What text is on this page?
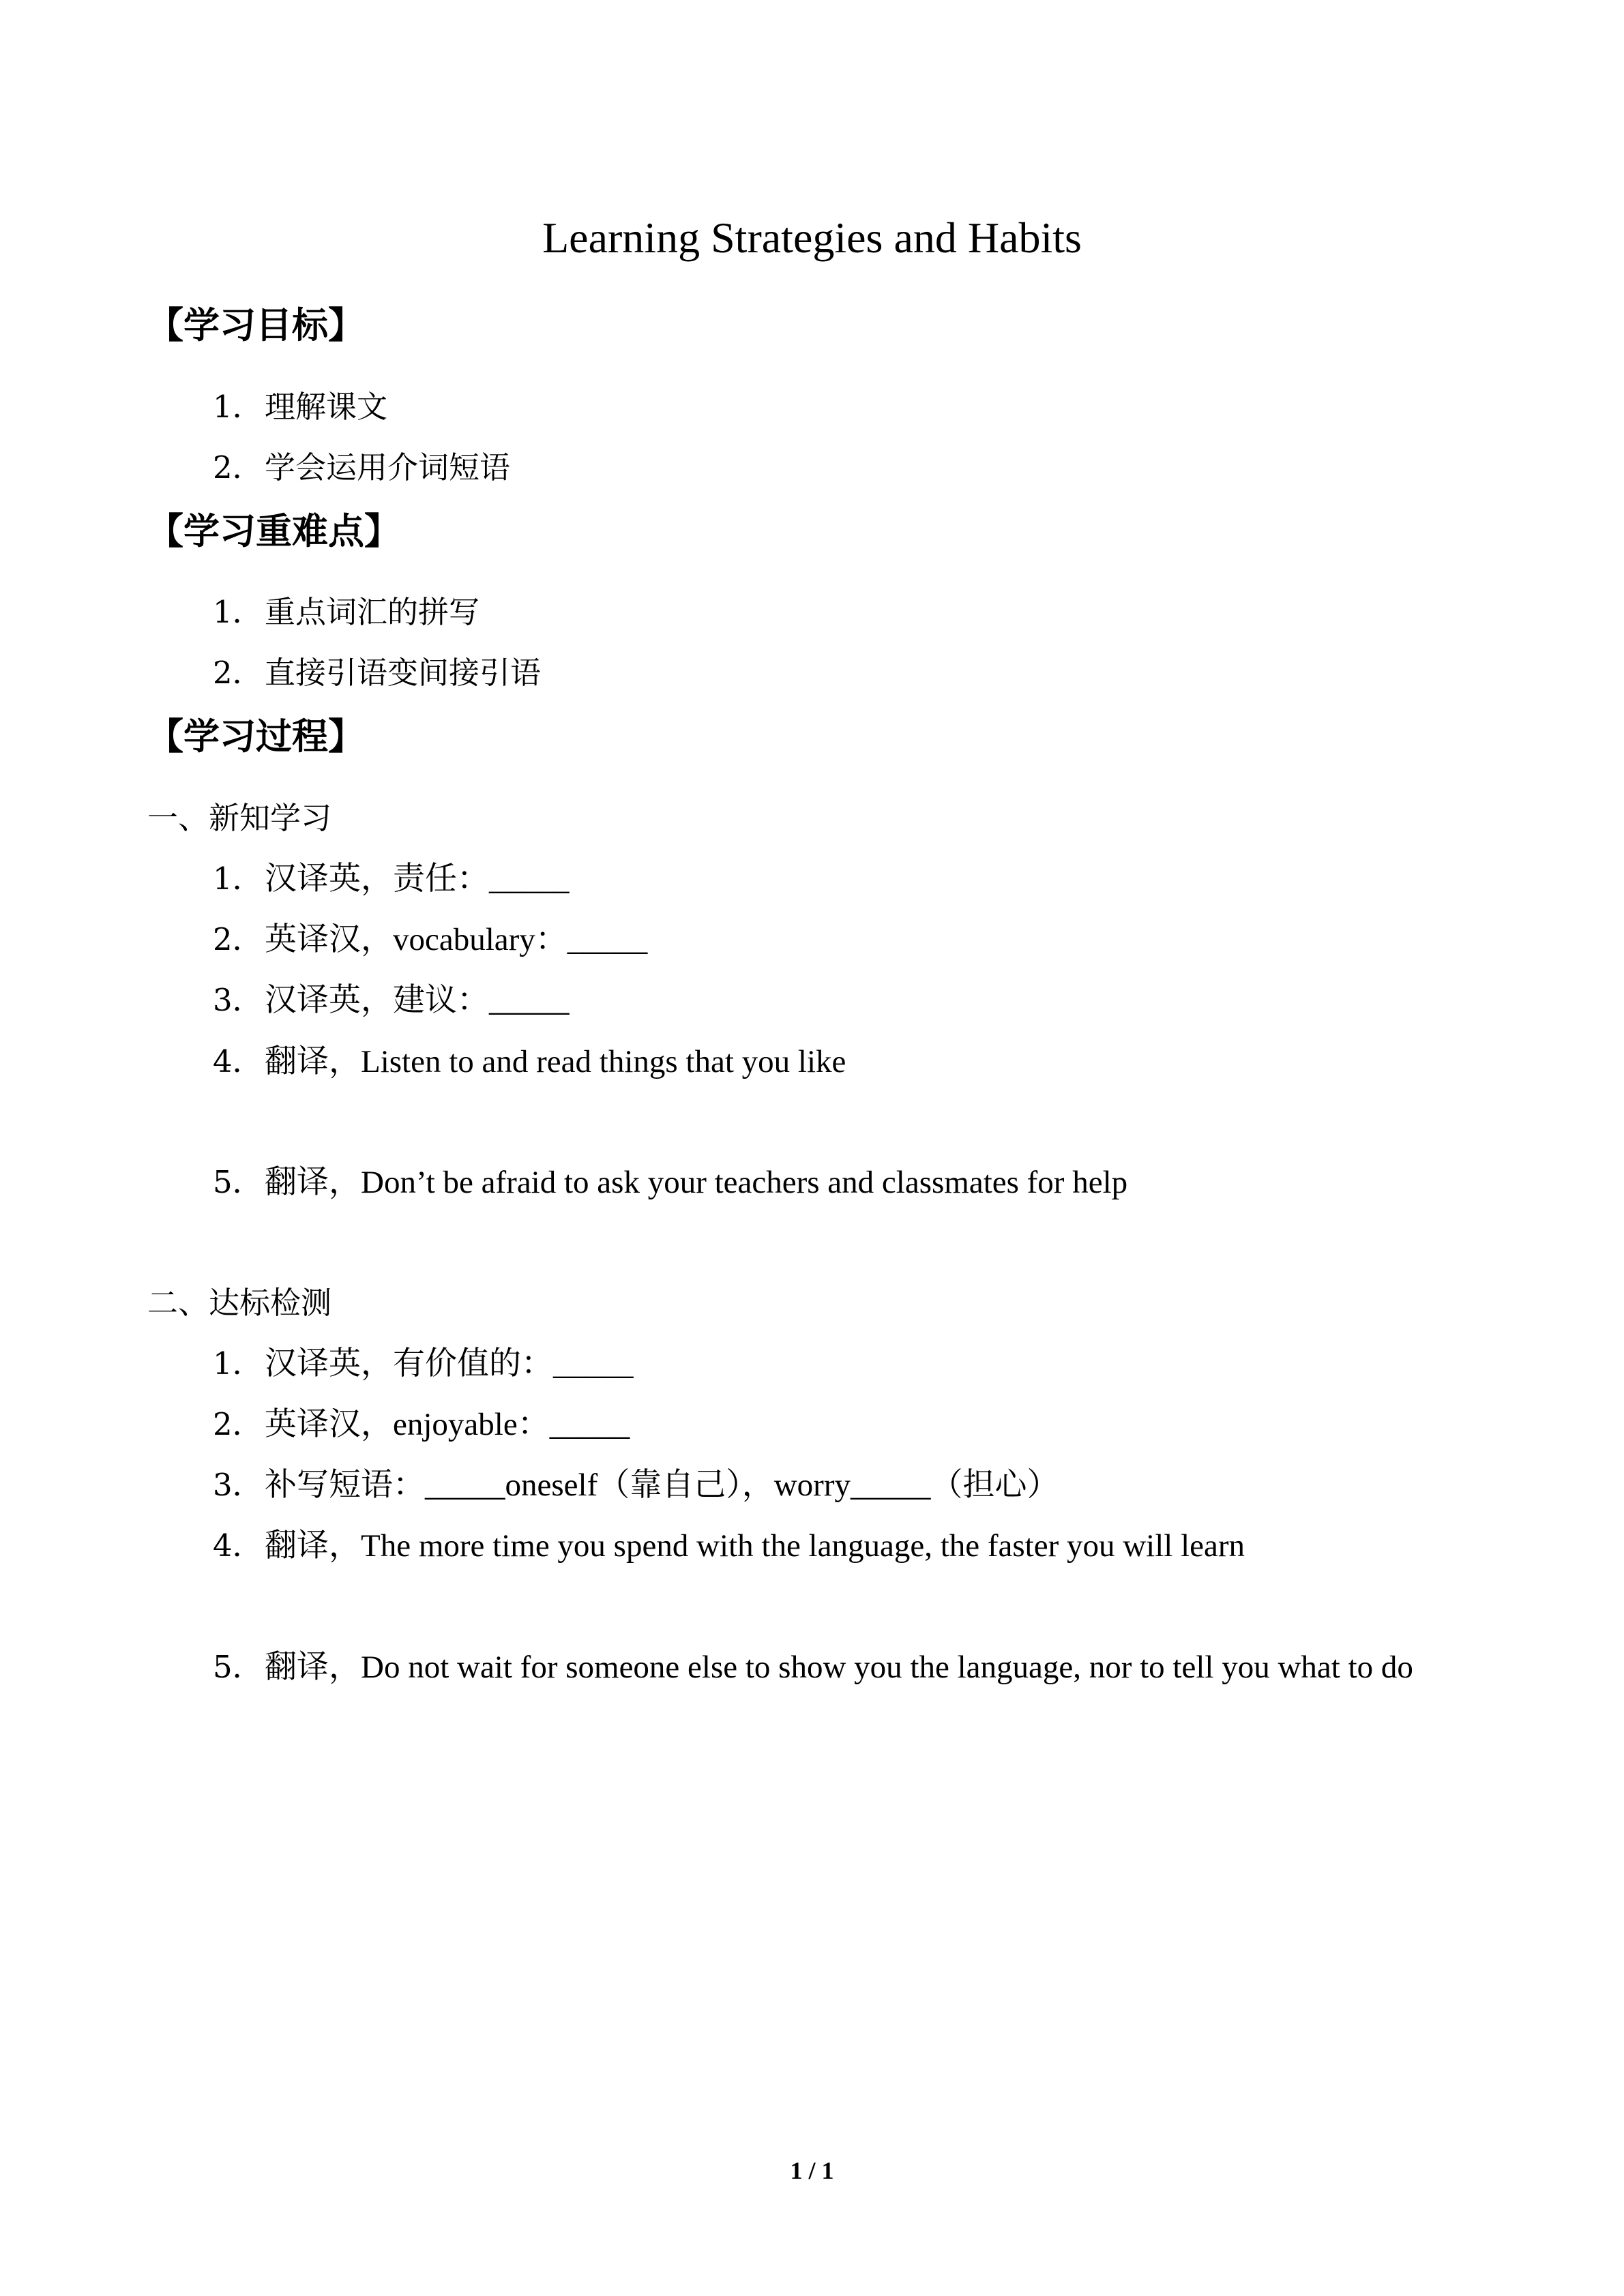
Learning Strategies and Habits
【学习目标】
1．理解课文
2．学会运用介词短语
【学习重难点】
1．重点词汇的拼写
2．直接引语变间接引语
【学习过程】
一、新知学习
1．汉译英，责任：_____
2．英译汉，vocabulary：_____
3．汉译英，建议：_____
4．翻译，Listen to and read things that you like
5．翻译，Don’t be afraid to ask your teachers and classmates for help
二、达标检测
1．汉译英，有价值的：_____
2．英译汉，enjoyable：_____
3．补写短语：_____oneself（靠自己），worry_____（担心）
4．翻译，The more time you spend with the language, the faster you will learn
5．翻译，Do not wait for someone else to show you the language, nor to tell you what to do
1 / 1
